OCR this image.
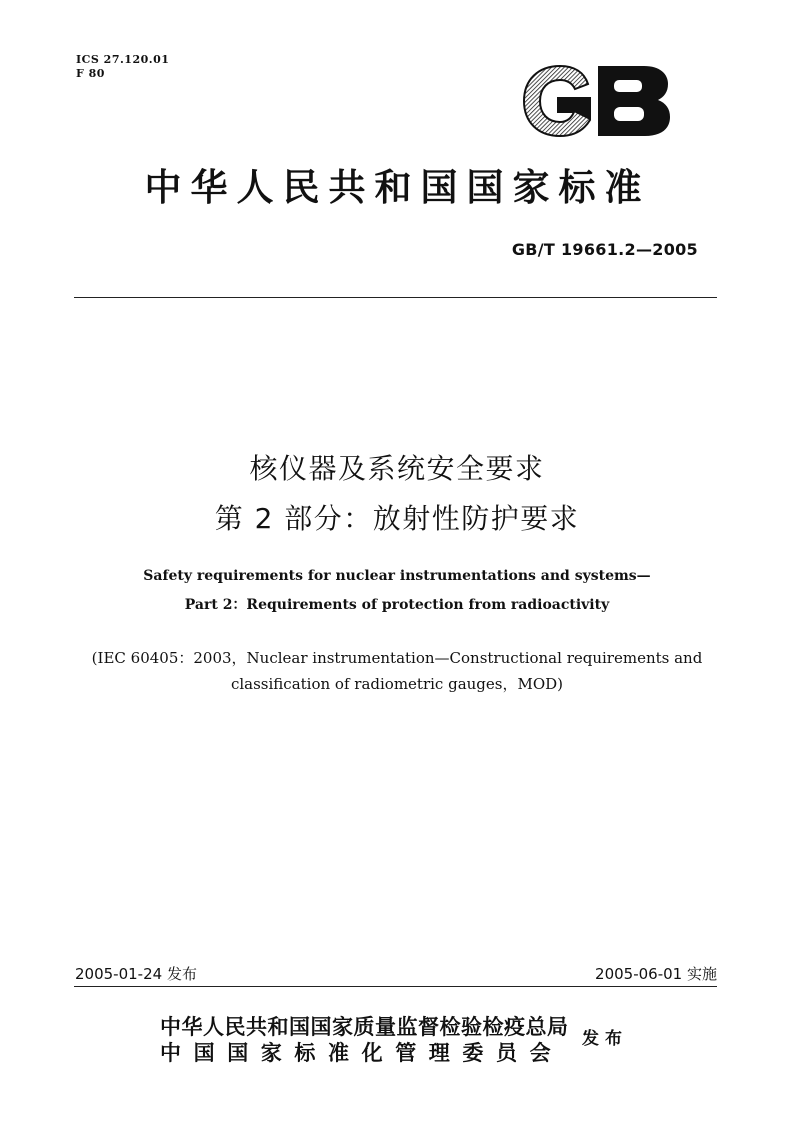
ICS 27.120.01
F 80
中华人民共和国国家标准
GB/T 19661.2—2005
核仪器及系统安全要求
第 2 部分：放射性防护要求
Safety requirements for nuclear instrumentations and systems—
Part 2：Requirements of protection from radioactivity
(IEC 60405：2003，Nuclear instrumentation—Constructional requirements and
classification of radiometric gauges，MOD)
2005-01-24 发布	2005-06-01 实施
中华人民共和国国家质量监督检验检疫总局
中国国家标准化管理委员会
发布
